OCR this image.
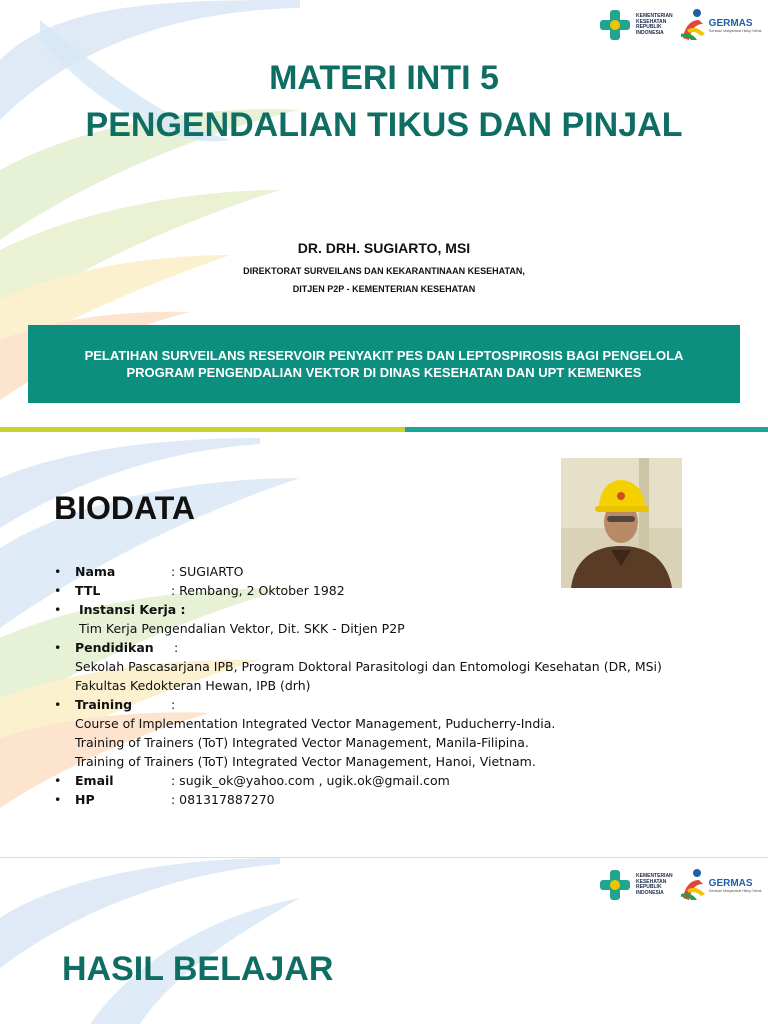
KEMENTERIAN
KESEHATAN
REPUBLIK
INDONESIA
GERMAS
Gerakan Masyarakat Hidup Sehat
MATERI INTI 5
PENGENDALIAN TIKUS DAN PINJAL
DR. DRH. SUGIARTO, MSI
DIREKTORAT SURVEILANS DAN KEKARANTINAAN KESEHATAN,
DITJEN P2P - KEMENTERIAN KESEHATAN
PELATIHAN SURVEILANS RESERVOIR PENYAKIT PES DAN LEPTOSPIROSIS BAGI PENGELOLA
PROGRAM PENGENDALIAN VEKTOR DI DINAS KESEHATAN DAN UPT KEMENKES
BIODATA
• Nama	: SUGIARTO
• TTL	: Rembang, 2 Oktober 1982
• Instansi Kerja :
Tim Kerja Pengendalian Vektor, Dit. SKK - Ditjen P2P
• Pendidikan :
Sekolah Pascasarjana IPB, Program Doktoral Parasitologi dan Entomologi Kesehatan (DR, MSi)
Fakultas Kedokteran Hewan, IPB (drh)
• Training	:
Course of Implementation Integrated Vector Management, Puducherry-India.
Training of Trainers (ToT) Integrated Vector Management, Manila-Filipina.
Training of Trainers (ToT) Integrated Vector Management, Hanoi, Vietnam.
• Email	: sugik_ok@yahoo.com , ugik.ok@gmail.com
• HP	: 081317887270
KEMENTERIAN
KESEHATAN
REPUBLIK
INDONESIA
GERMAS
Gerakan Masyarakat Hidup Sehat
HASIL BELAJAR
